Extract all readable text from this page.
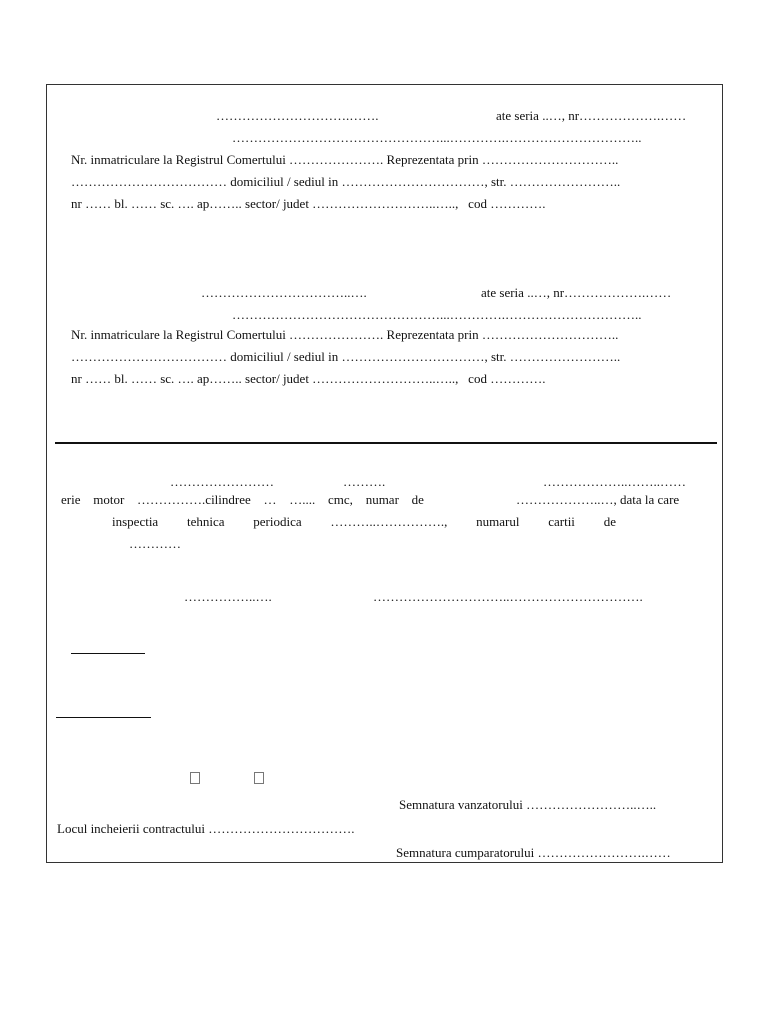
………………………….…….	ate seria ..…, nr……………….……
…………………………………………...………….…………………………..
Nr. inmatriculare la Registrul Comertului …………………. Reprezentata prin …………………………..
……………………………… domiciliul / sediul in ……………………………, str. ……………………..
nr …… bl. …… sc. …. ap…….. sector/ judet ………………………..…..,   cod ………….
……………………………..….	ate seria ..…, nr……………….……
…………………………………………...………….…………………………..
Nr. inmatriculare la Registrul Comertului …………………. Reprezentata prin …………………………..
……………………………… domiciliul / sediul in ……………………………, str. ……………………..
nr …… bl. …… sc. …. ap…….. sector/ judet ………………………..…..,   cod ………….
……………………	……….	………………..……..……
erie motor …………….cilindree … ….... cmc, numar de	………………..…, data la care
inspectia tehnica periodica ………..……………., numarul cartii de
…………
……………..….	…………………………..………………………….
Semnatura vanzatorului ……………………..…..
Locul incheierii contractului …………………………….
Semnatura cumparatorului …………………….……
